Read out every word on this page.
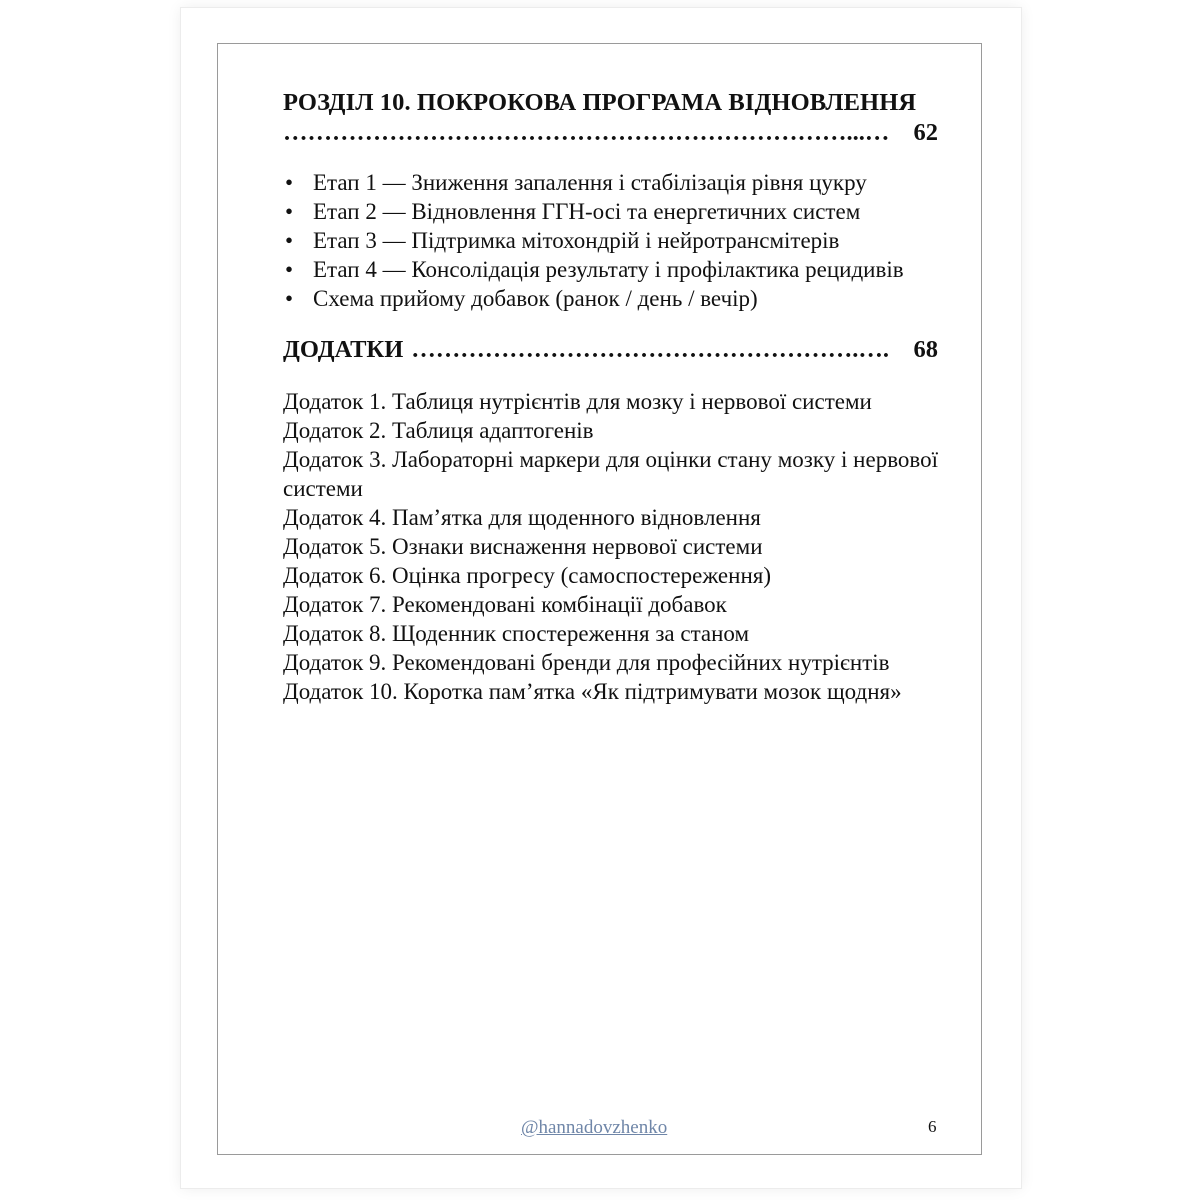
РОЗДІЛ 10. ПОКРОКОВА ПРОГРАМА ВІДНОВЛЕННЯ
……………………………………………………………...… 62
• Етап 1 — Зниження запалення і стабілізація рівня цукру
• Етап 2 — Відновлення ГГН-осі та енергетичних систем
• Етап 3 — Підтримка мітохондрій і нейротрансмітерів
• Етап 4 — Консолідація результату і профілактика рецидивів
• Схема прийому добавок (ранок / день / вечір)
ДОДАТКИ ……………………………………………….…. 68
Додаток 1. Таблиця нутрієнтів для мозку і нервової системи
Додаток 2. Таблиця адаптогенів
Додаток 3. Лабораторні маркери для оцінки стану мозку і нервової системи
Додаток 4. Пам’ятка для щоденного відновлення
Додаток 5. Ознаки виснаження нервової системи
Додаток 6. Оцінка прогресу (самоспостереження)
Додаток 7. Рекомендовані комбінації добавок
Додаток 8. Щоденник спостереження за станом
Додаток 9. Рекомендовані бренди для професійних нутрієнтів
Додаток 10. Коротка пам’ятка «Як підтримувати мозок щодня»
@hannadovzhenko	6
